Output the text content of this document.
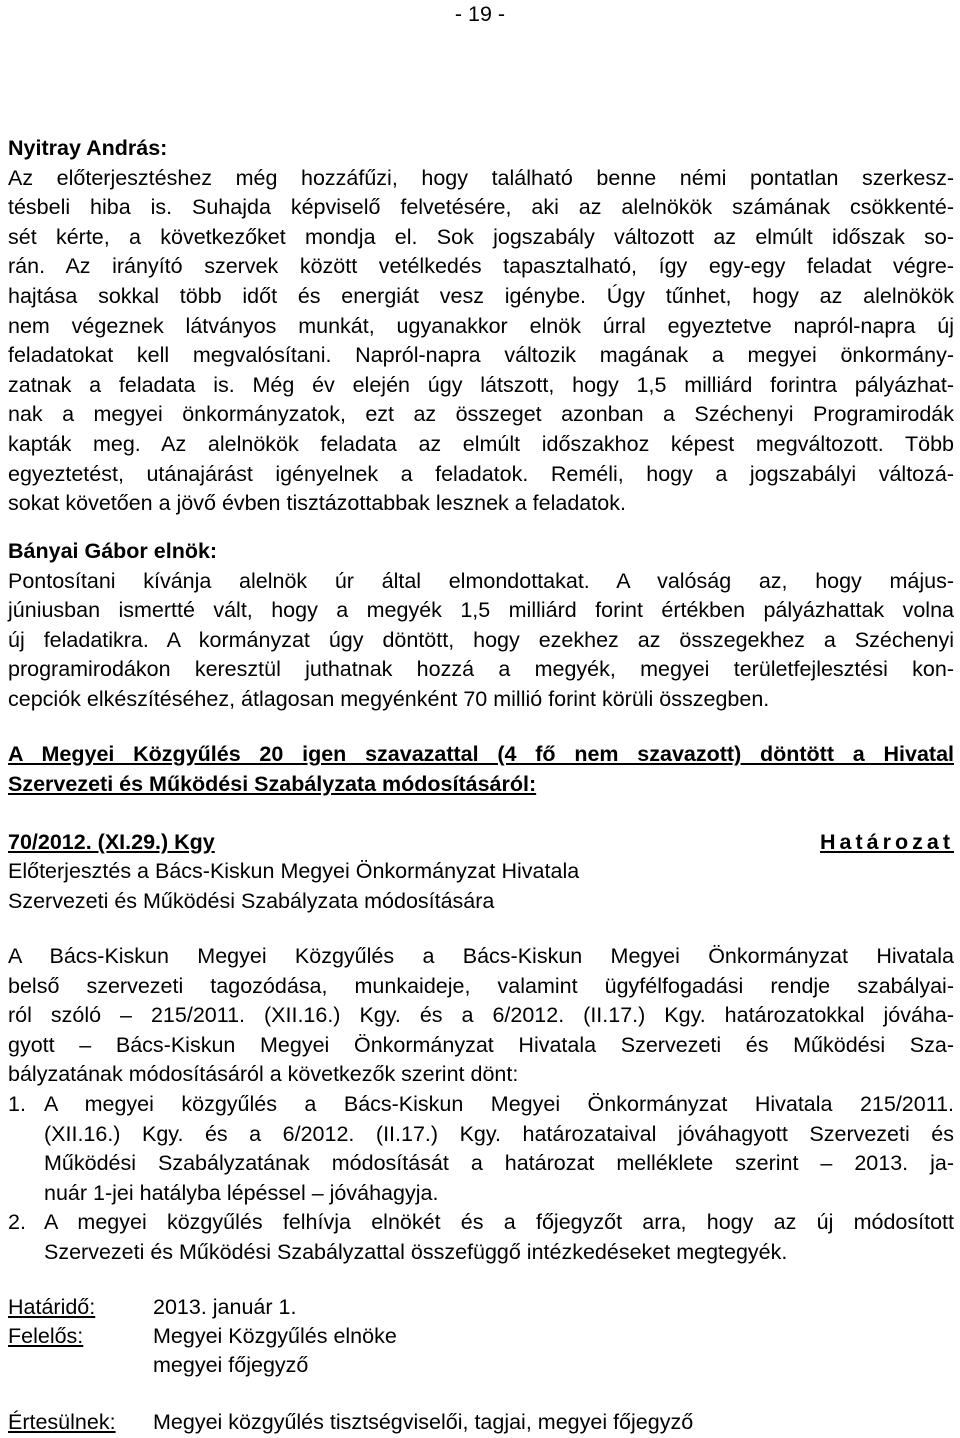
- 19 -
Nyitray András:
Az előterjesztéshez még hozzáfűzi, hogy található benne némi pontatlan szerkesz-
tésbeli hiba is. Suhajda képviselő felvetésére, aki az alelnökök számának csökkenté-
sét kérte, a következőket mondja el. Sok jogszabály változott az elmúlt időszak so-
rán. Az irányító szervek között vetélkedés tapasztalható, így egy-egy feladat végre-
hajtása sokkal több időt és energiát vesz igénybe. Úgy tűnhet, hogy az alelnökök
nem végeznek látványos munkát, ugyanakkor elnök úrral egyeztetve napról-napra új
feladatokat kell megvalósítani. Napról-napra változik magának a megyei önkormány-
zatnak a feladata is. Még év elején úgy látszott, hogy 1,5 milliárd forintra pályázhat-
nak a megyei önkormányzatok, ezt az összeget azonban a Széchenyi Programirodák
kapták meg. Az alelnökök feladata az elmúlt időszakhoz képest megváltozott. Több
egyeztetést, utánajárást igényelnek a feladatok. Reméli, hogy a jogszabályi változá-
sokat követően a jövő évben tisztázottabbak lesznek a feladatok.
Bányai Gábor elnök:
Pontosítani kívánja alelnök úr által elmondottakat. A valóság az, hogy május-
júniusban ismertté vált, hogy a megyék 1,5 milliárd forint értékben pályázhattak volna
új feladatikra. A kormányzat úgy döntött, hogy ezekhez az összegekhez a Széchenyi
programirodákon keresztül juthatnak hozzá a megyék, megyei területfejlesztési kon-
cepciók elkészítéséhez, átlagosan megyénként 70 millió forint körüli összegben.
A Megyei Közgyűlés 20 igen szavazattal (4 fő nem szavazott) döntött a Hivatal
Szervezeti és Működési Szabályzata módosításáról:
70/2012. (XI.29.) Kgy	Határozat
Előterjesztés a Bács-Kiskun Megyei Önkormányzat Hivatala
Szervezeti és Működési Szabályzata módosítására
A Bács-Kiskun Megyei Közgyűlés a Bács-Kiskun Megyei Önkormányzat Hivatala
belső szervezeti tagozódása, munkaideje, valamint ügyfélfogadási rendje szabályai-
ról szóló – 215/2011. (XII.16.) Kgy. és a 6/2012. (II.17.) Kgy. határozatokkal jóváha-
gyott – Bács-Kiskun Megyei Önkormányzat Hivatala Szervezeti és Működési Sza-
bályzatának módosításáról a következők szerint dönt:
1. A megyei közgyűlés a Bács-Kiskun Megyei Önkormányzat Hivatala 215/2011.
(XII.16.) Kgy. és a 6/2012. (II.17.) Kgy. határozataival jóváhagyott Szervezeti és
Működési Szabályzatának módosítását a határozat melléklete szerint – 2013. ja-
nuár 1-jei hatályba lépéssel – jóváhagyja.
2. A megyei közgyűlés felhívja elnökét és a főjegyzőt arra, hogy az új módosított
Szervezeti és Működési Szabályzattal összefüggő intézkedéseket megtegyék.
Határidő:	2013. január 1.
Felelős:	Megyei Közgyűlés elnöke
megyei főjegyző
Értesülnek: Megyei közgyűlés tisztségviselői, tagjai, megyei főjegyző
